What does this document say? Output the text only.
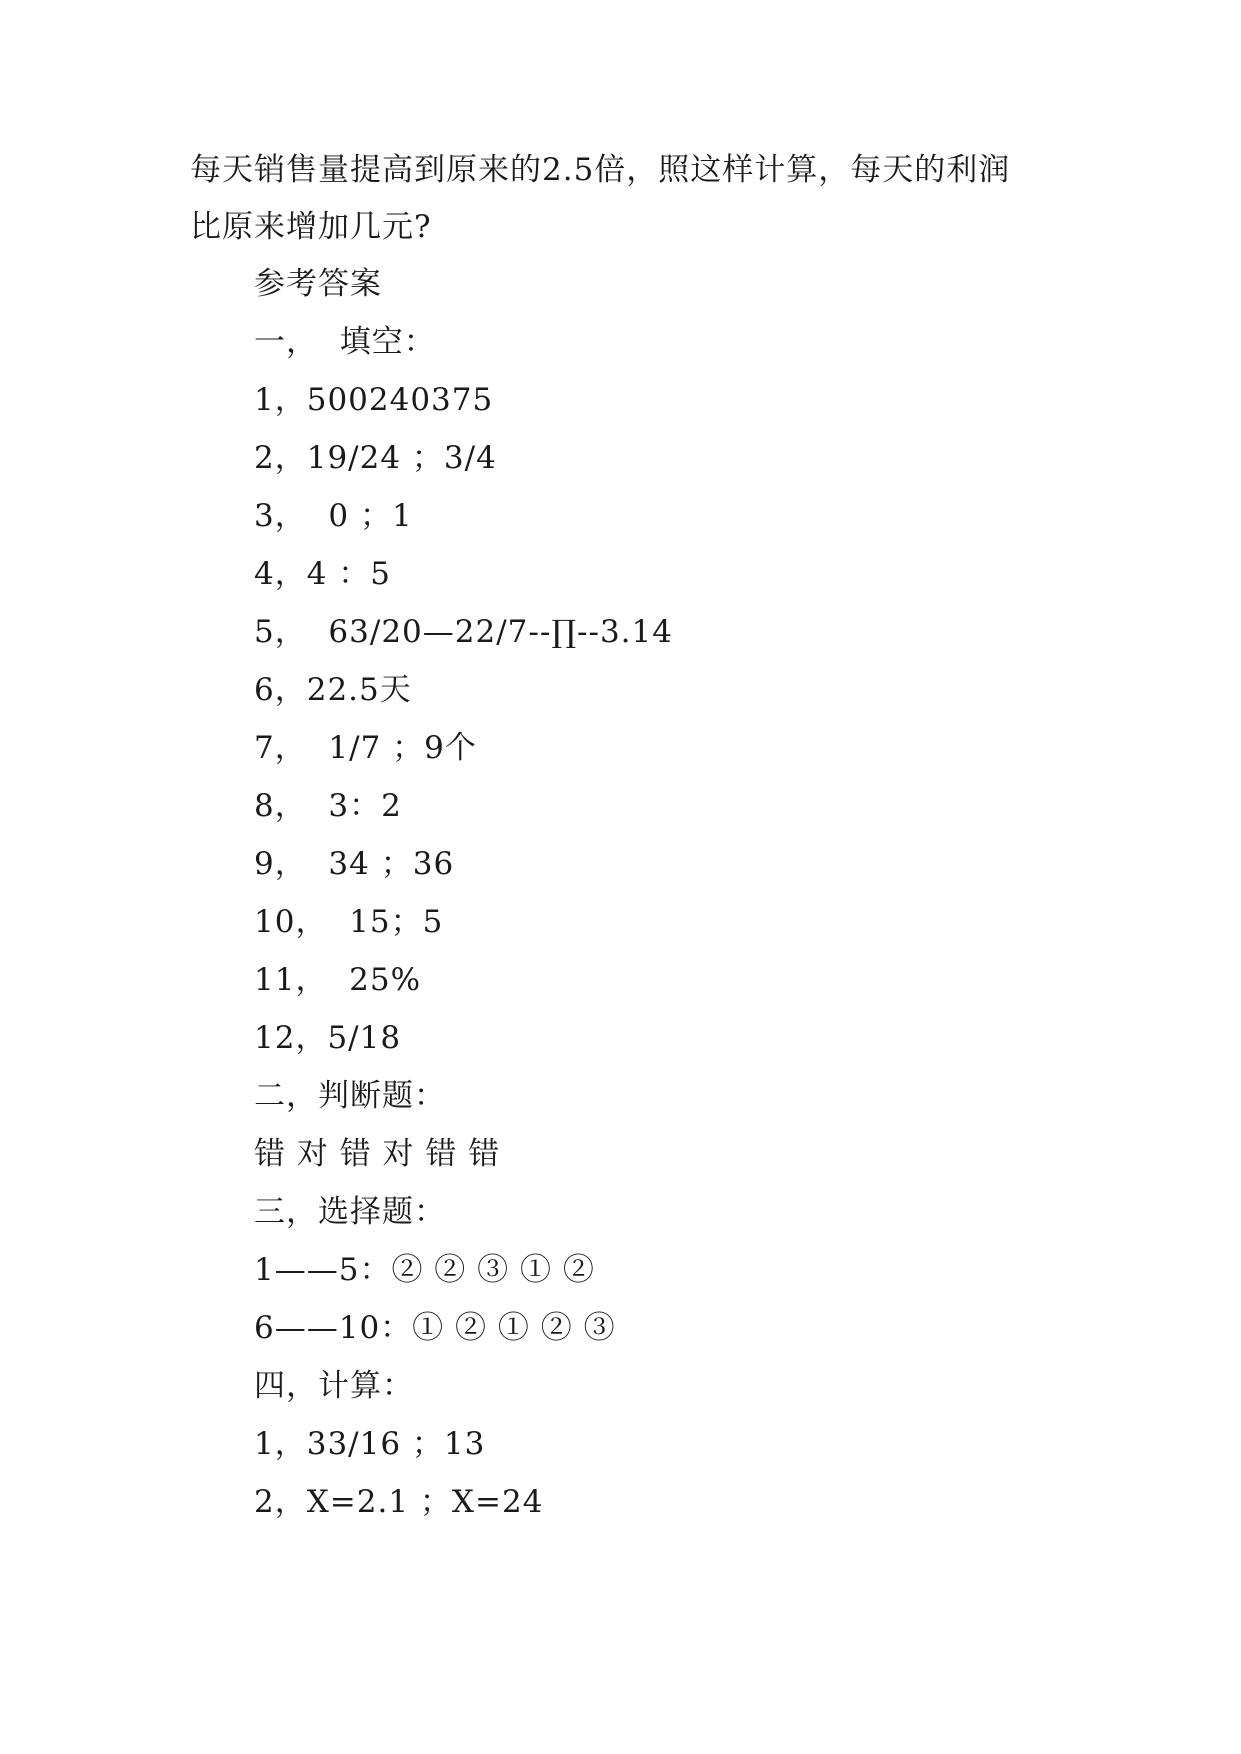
每天销售量提高到原来的2.5倍，照这样计算，每天的利润
比原来增加几元?
参考答案
一，  填空：
1，500240375
2，19/24 ；3/4
3，  0 ；1
4，4 ：5
5，  63/20—22/7--∏--3.14
6，22.5天
7，  1/7 ；9个
8，  3：2
9，  34 ；36
10，  15；5
11，  25%
12，5/18
二，判断题：
错 对 错 对 错 错
三，选择题：
1——5：② ② ③ ① ②
6——10：① ② ① ② ③
四，计算：
1，33/16 ；13
2，X=2.1 ；X=24
